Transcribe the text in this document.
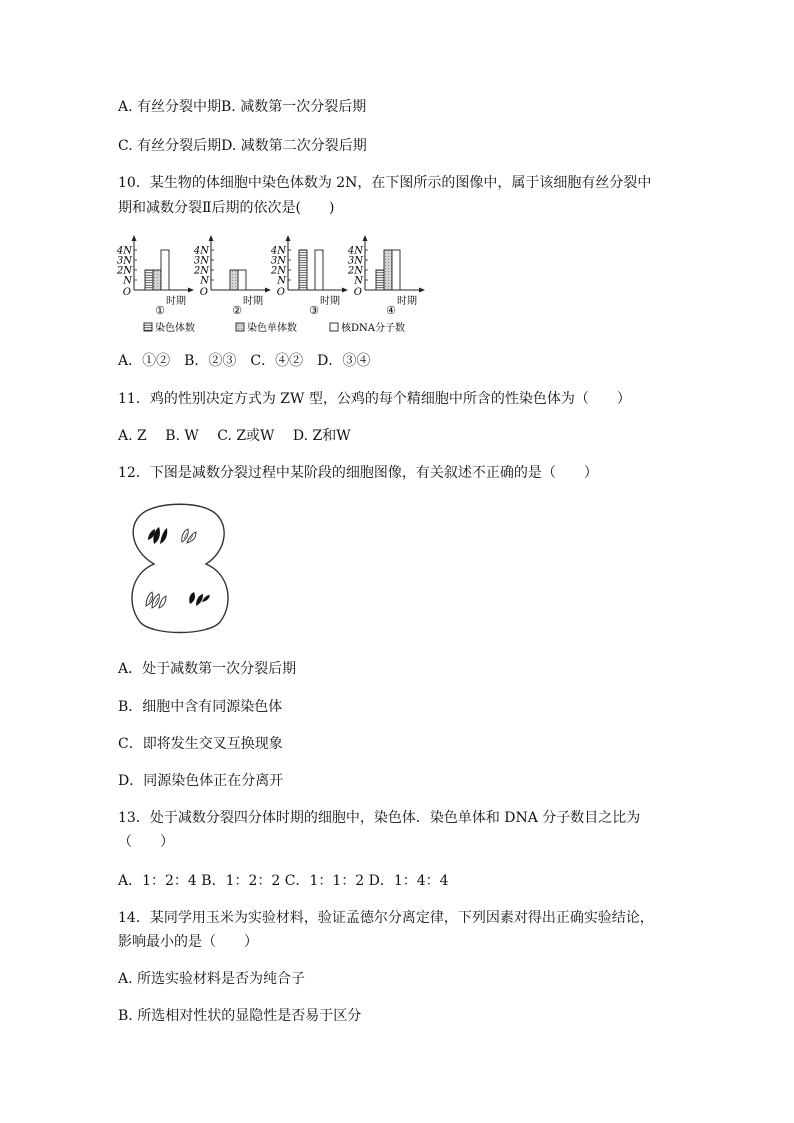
A. 有丝分裂中期B. 减数第一次分裂后期
C. 有丝分裂后期D. 减数第二次分裂后期
10．某生物的体细胞中染色体数为 2N，在下图所示的图像中，属于该细胞有丝分裂中
期和减数分裂Ⅱ后期的依次是(　　)
4N
3N
2N
N
O
时期
①
4N
3N
2N
N
O
时期
②
4N
3N
2N
N
O
时期
③
4N
3N
2N
N
O
时期
④
染色体数	染色单体数	核DNA分子数
A．①②　B．②③　C．④②　D．③④
11．鸡的性别决定方式为 ZW 型，公鸡的每个精细胞中所含的性染色体为（　　）
A. Z　 B. W　 C. Z或W　 D. Z和W
12．下图是减数分裂过程中某阶段的细胞图像，有关叙述不正确的是（　　）
A．处于减数第一次分裂后期
B．细胞中含有同源染色体
C．即将发生交叉互换现象
D．同源染色体正在分离开
13．处于减数分裂四分体时期的细胞中，染色体．染色单体和 DNA 分子数目之比为
（　　）
A．1：2：4 B．1：2：2 C．1：1：2 D．1：4：4
14．某同学用玉米为实验材料，验证孟德尔分离定律，下列因素对得出正确实验结论，
影响最小的是（　　）
A. 所选实验材料是否为纯合子
B. 所选相对性状的显隐性是否易于区分
